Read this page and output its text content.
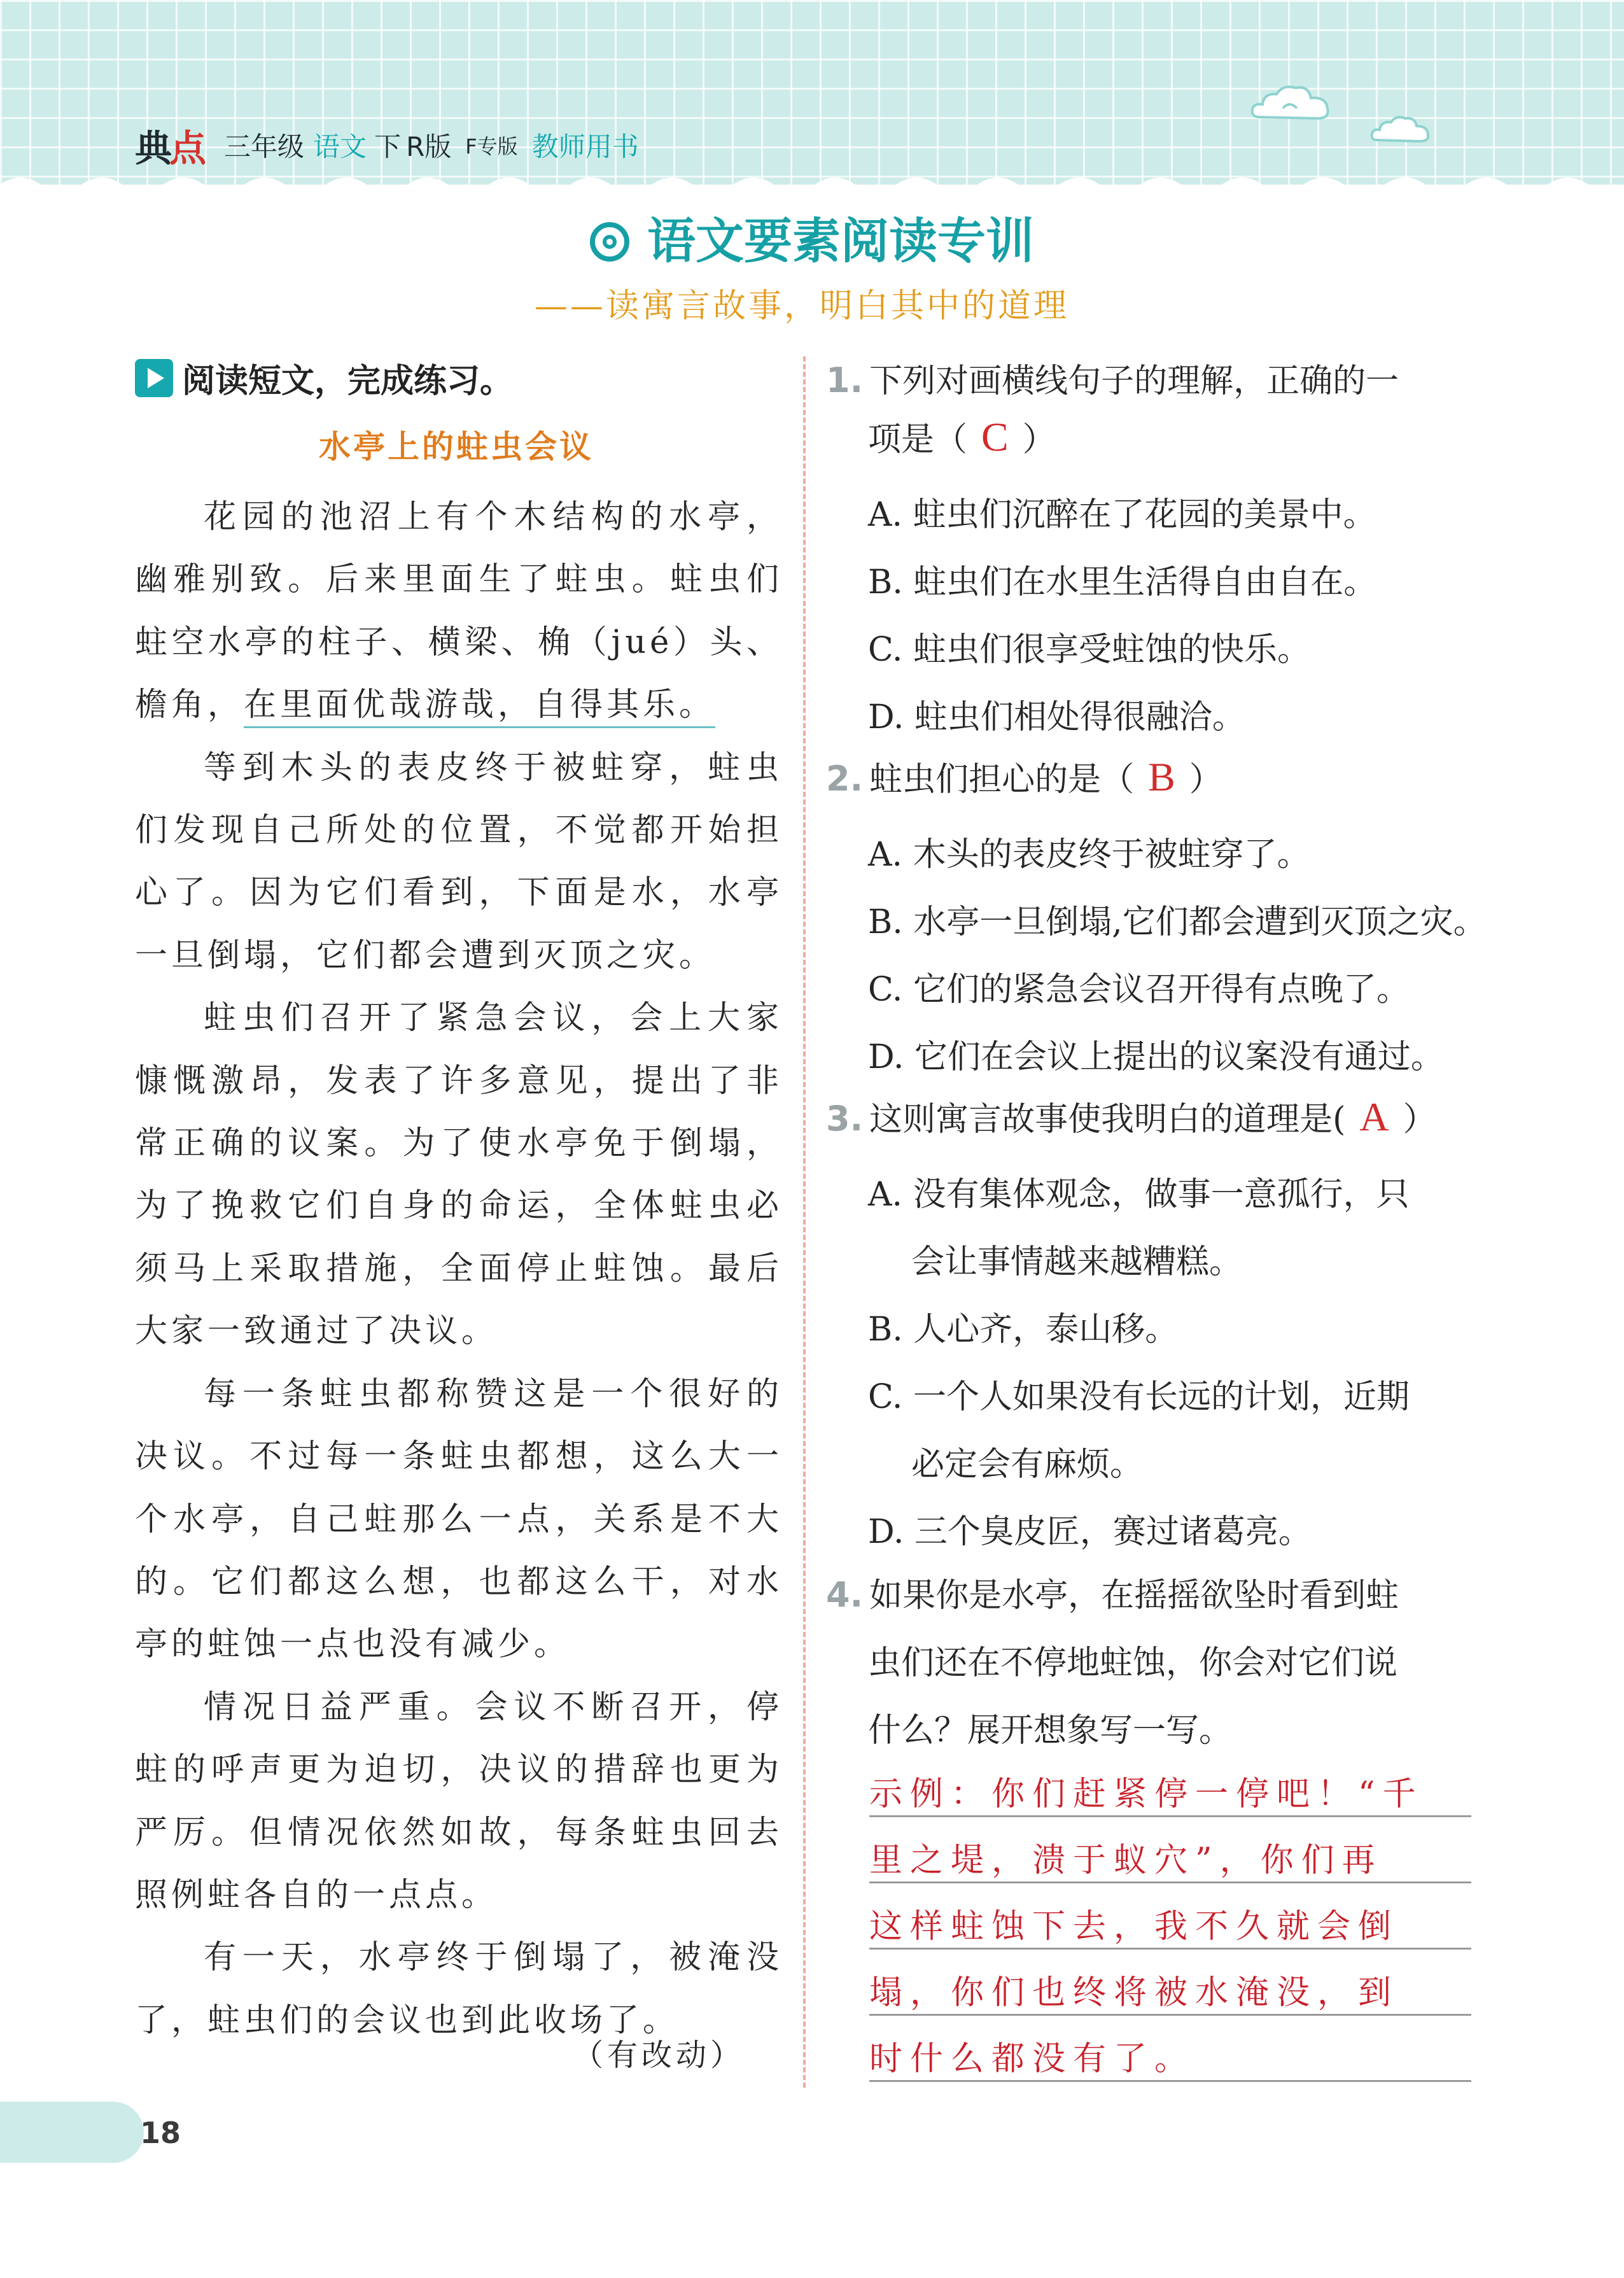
典点 三年级 语文 下 R版 F专版 教师用书
语文要素阅读专训
——读寓言故事，明白其中的道理
阅读短文，完成练习。
水亭上的蛀虫会议

花园的池沼上有个木结构的水亭，幽雅别致。后来里面生了蛀虫。蛀虫们蛀空水亭的柱子、横梁、桷（jué）头、檐角，在里面优哉游哉，自得其乐。

等到木头的表皮终于被蛀穿，蛀虫们发现自己所处的位置，不觉都开始担心了。因为它们看到，下面是水，水亭一旦倒塌，它们都会遭到灭顶之灾。

蛀虫们召开了紧急会议，会上大家慷慨激昂，发表了许多意见，提出了非常正确的议案。为了使水亭免于倒塌，为了挽救它们自身的命运，全体蛀虫必须马上采取措施，全面停止蛀蚀。最后大家一致通过了决议。

每一条蛀虫都称赞这是一个很好的决议。不过每一条蛀虫都想，这么大一个水亭，自己蛀那么一点，关系是不大的。它们都这么想，也都这么干，对水亭的蛀蚀一点也没有减少。

情况日益严重。会议不断召开，停蛀的呼声更为迫切，决议的措辞也更为严厉。但情况依然如故，每条蛀虫回去照例蛀各自的一点点。

有一天，水亭终于倒塌了，被淹没了，蛀虫们的会议也到此收场了。

（有改动）
1. 下列对画横线句子的理解，正确的一
项是（ C ）
A. 蛀虫们沉醉在了花园的美景中。
B. 蛀虫们在水里生活得自由自在。
C. 蛀虫们很享受蛀蚀的快乐。
D. 蛀虫们相处得很融洽。
2. 蛀虫们担心的是（ B ）
A. 木头的表皮终于被蛀穿了。
B. 水亭一旦倒塌,它们都会遭到灭顶之灾。
C. 它们的紧急会议召开得有点晚了。
D. 它们在会议上提出的议案没有通过。
3. 这则寓言故事使我明白的道理是( A ）
A. 没有集体观念，做事一意孤行，只
会让事情越来越糟糕。
B. 人心齐，泰山移。
C. 一个人如果没有长远的计划，近期
必定会有麻烦。
D. 三个臭皮匠，赛过诸葛亮。
4. 如果你是水亭，在摇摇欲坠时看到蛀
虫们还在不停地蛀蚀，你会对它们说
什么？展开想象写一写。
示例：你们赶紧停一停吧！“千
里之堤，溃于蚁穴”，你们再
这样蛀蚀下去，我不久就会倒
塌，你们也终将被水淹没，到
时什么都没有了。
18
